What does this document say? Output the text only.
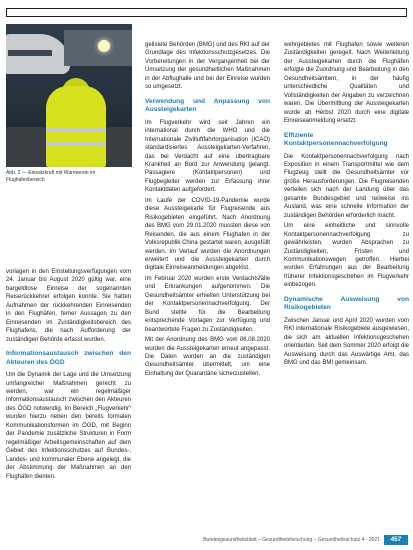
Abb. 2 — Einsatzkraft mit Warnweste im Flughafenbereich

vorlagen in den Einstellungsverfügungen vom 24. Januar bis August 2020 gültig war, eine bargeldlose Einreise der sogenannten Reiserückkehrer erfolgen konnte. Sie hatten Aufnahmen der rückkehrenden Einreisenden in den Flughäfen, ferner Aussagen zu den Einreisenden im Zuständigkeitsbereich des Flughafens, die nach Aufforderung der zuständigen Behörde erfasst wurden.

Informationsaustausch zwischen den Akteuren des ÖGD

Um die Dynamik der Lage und die Umsetzung umfangreicher Maßnahmen gerecht zu werden, war ein regelmäßiger Informationsaustausch zwischen den Akteuren des ÖGD notwendig. Im Bereich „Flugverkehr“ wurden hierzu neben den bereits formalen Kommunikationsformen im ÖGD, mit Beginn der Pandemie zusätzliche Strukturen in Form regelmäßiger Arbeitsgemeinschaften auf dem Gebiet des Infektionsschutzes auf Bundes-, Landes- und kommunaler Ebene angelegt, die der Abstimmung der Maßnahmen an den Flughäfen dienten.

gelistete Behörden (BMG) und des RKI auf der Grundlage des Infektionsschutzgesetzes. Die Vorbereitungen in der Vergangenheit bei der Umsetzung der gesundheitlichen Maßnahmen in der Abflughalle und bei der Einreise wurden so umgesetzt.

Verwendung und Anpassung von Aussteigekarten

Im Flugverkehr wird seit Jahren ein international durch die WHO und die Internationale Zivilluftfahrtorganisation (ICAO) standardisiertes Aussteigekarten-Verfahren, das bei Verdacht auf eine übertragbare Krankheit an Bord zur Anwendung gelangt. Passagiere (Kontaktpersonen) und Flugbegleiter werden zur Erfassung ihrer Kontaktdaten aufgefordert.

Im Laufe der COVID-19-Pandemie wurde diese Aussteigekarte für Flugreisende aus Risikogebieten eingeführt. Nach Anordnung des BMG vom 29.01.2020 mussten diese von Reisenden, die aus einem Flughafen in der Volksrepublik China gestartet waren, ausgefüllt werden. Im Verlauf wurden die Anordnungen erweitert und die Aussteigekarten durch digitale Einreiseanmeldungen abgelöst.

Im Februar 2020 wurden erste Verdachtsfälle und Erkrankungen aufgenommen. Die Gesundheitsämter erhielten Unterstützung bei der Kontaktpersonennachverfolgung. Der Bund stellte für die Bearbeitung entsprechende Vorlagen zur Verfügung und beantwortete Fragen zu Zuständigkeiten.

Mit der Anordnung des BMG vom 06.08.2020 wurden die Aussteigekarten erneut angepasst. Die Daten wurden an die zuständigen Gesundheitsämter übermittelt, um eine Einhaltung der Quarantäne sicherzustellen.

wehrgebietes mit Flughafen sowie weiteren Zuständigkeiten geregelt. Nach Weiterleitung der Aussteigekarten durch die Flughäfen erfolgte die Zuordnung und Bearbeitung in den Gesundheitsämtern, in der häufig unterschiedliche Qualitäten und Vollständigkeiten der Angaben zu verzeichnen waren. Die Übermittlung der Aussteigekarten wurde ab Herbst 2020 durch eine digitale Einreiseanmeldung ersetzt.

Effiziente Kontaktpersonennachverfolgung

Die Kontaktpersonennachverfolgung nach Exposition in einem Transportmittel wie dem Flugzeug stellt die Gesundheitsämter vor große Herausforderungen. Die Flugreisenden verteilen sich nach der Landung über das gesamte Bundesgebiet und teilweise ins Ausland, was eine schnelle Information der zuständigen Behörden erforderlich macht.

Um eine einheitliche und sinnvolle Kontaktpersonennachverfolgung zu gewährleisten, wurden Absprachen zu Zuständigkeiten, Fristen und Kommunikationswegen getroffen. Hierbei wurden Erfahrungen aus der Bearbeitung früherer Infektionsgeschehen im Flugverkehr einbezogen.

Dynamische Ausweisung von Risikogebieten

Zwischen Januar und April 2020 wurden vom RKI internationale Risikogebiete ausgewiesen, die sich am aktuellen Infektionsgeschehen orientierten. Seit dem Sommer 2020 erfolgt die Ausweisung durch das Auswärtige Amt, das BMG und das BMI gemeinsam.

Bundesgesundheitsblatt – Gesundheitsforschung – Gesundheitsschutz 4 · 2021	457
